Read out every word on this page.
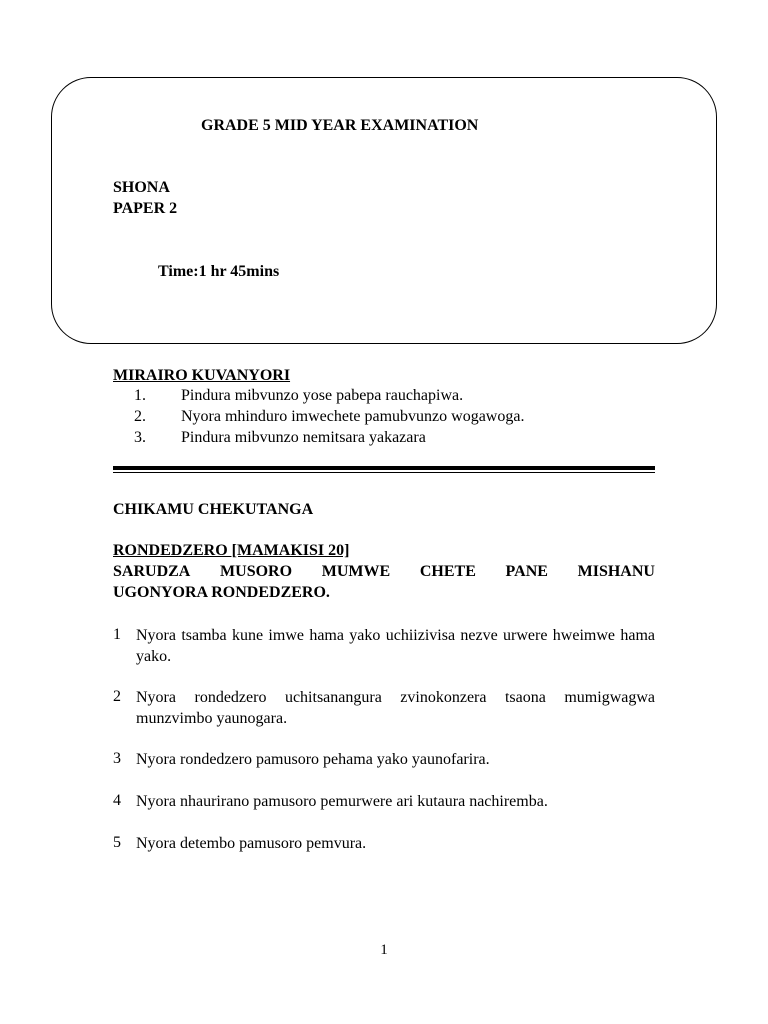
GRADE 5 MID YEAR EXAMINATION
SHONA
PAPER 2
Time:1 hr 45mins
MIRAIRO KUVANYORI
1. Pindura mibvunzo yose pabepa rauchapiwa.
2. Nyora mhinduro imwechete pamubvunzo wogawoga.
3. Pindura mibvunzo nemitsara yakazara
CHIKAMU CHEKUTANGA
RONDEDZERO [MAMAKISI 20]
SARUDZA MUSORO MUMWE CHETE PANE MISHANU
UGONYORA RONDEDZERO.
1 Nyora tsamba kune imwe hama yako uchiizivisa nezve urwere hweimwe hama yako.
2 Nyora rondedzero uchitsanangura zvinokonzera tsaona mumigwagwa munzvimbo yaunogara.
3 Nyora rondedzero pamusoro pehama yako yaunofarira.
4 Nyora nhaurirano pamusoro pemurwere ari kutaura nachiremba.
5 Nyora detembo pamusoro pemvura.
1
